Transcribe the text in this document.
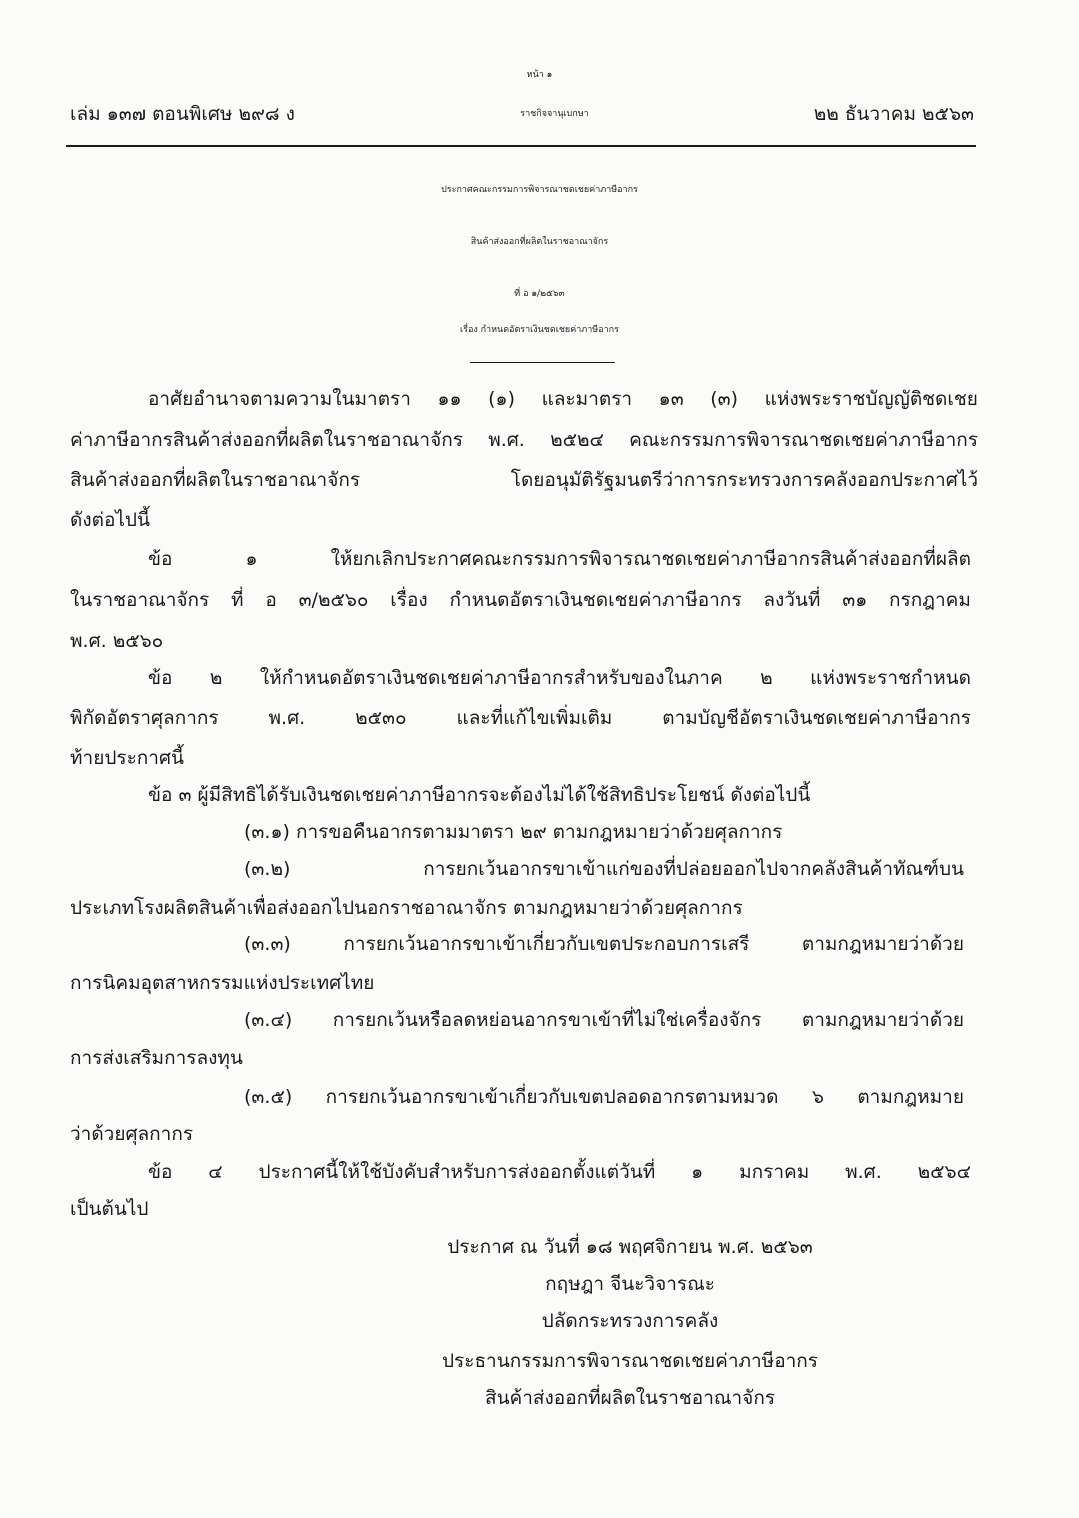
หน้า ๑
เล่ม ๑๓๗ ตอนพิเศษ ๒๙๘ ง	ราชกิจจานุเบกษา	๒๒ ธันวาคม ๒๕๖๓
ประกาศคณะกรรมการพิจารณาชดเชยค่าภาษีอากร
สินค้าส่งออกที่ผลิตในราชอาณาจักร
ที่ อ ๑/๒๕๖๓
เรื่อง กำหนดอัตราเงินชดเชยค่าภาษีอากร
อาศัยอำนาจตามความในมาตรา ๑๑ (๑) และมาตรา ๑๓ (๓) แห่งพระราชบัญญัติชดเชย
ค่าภาษีอากรสินค้าส่งออกที่ผลิตในราชอาณาจักร พ.ศ. ๒๕๒๔ คณะกรรมการพิจารณาชดเชยค่าภาษีอากร
สินค้าส่งออกที่ผลิตในราชอาณาจักร	โดยอนุมัติรัฐมนตรีว่าการกระทรวงการคลังออกประกาศไว้
ดังต่อไปนี้
ข้อ	๑	ให้ยกเลิกประกาศคณะกรรมการพิจารณาชดเชยค่าภาษีอากรสินค้าส่งออกที่ผลิต
ในราชอาณาจักร ที่ อ ๓/๒๕๖๐ เรื่อง กำหนดอัตราเงินชดเชยค่าภาษีอากร ลงวันที่ ๓๑ กรกฎาคม
พ.ศ. ๒๕๖๐
ข้อ ๒ ให้กำหนดอัตราเงินชดเชยค่าภาษีอากรสำหรับของในภาค ๒ แห่งพระราชกำหนด
พิกัดอัตราศุลกากร	พ.ศ.	๒๕๓๐	และที่แก้ไขเพิ่มเติม	ตามบัญชีอัตราเงินชดเชยค่าภาษีอากร
ท้ายประกาศนี้
ข้อ ๓ ผู้มีสิทธิได้รับเงินชดเชยค่าภาษีอากรจะต้องไม่ได้ใช้สิทธิประโยชน์ ดังต่อไปนี้
(๓.๑) การขอคืนอากรตามมาตรา ๒๙ ตามกฎหมายว่าด้วยศุลกากร
(๓.๒)	การยกเว้นอากรขาเข้าแก่ของที่ปล่อยออกไปจากคลังสินค้าทัณฑ์บน
ประเภทโรงผลิตสินค้าเพื่อส่งออกไปนอกราชอาณาจักร ตามกฎหมายว่าด้วยศุลกากร
(๓.๓)	การยกเว้นอากรขาเข้าเกี่ยวกับเขตประกอบการเสรี	ตามกฎหมายว่าด้วย
การนิคมอุตสาหกรรมแห่งประเทศไทย
(๓.๔) การยกเว้นหรือลดหย่อนอากรขาเข้าที่ไม่ใช่เครื่องจักร ตามกฎหมายว่าด้วย
การส่งเสริมการลงทุน
(๓.๕) การยกเว้นอากรขาเข้าเกี่ยวกับเขตปลอดอากรตามหมวด ๖ ตามกฎหมาย
ว่าด้วยศุลกากร
ข้อ ๔ ประกาศนี้ให้ใช้บังคับสำหรับการส่งออกตั้งแต่วันที่ ๑ มกราคม พ.ศ. ๒๕๖๔
เป็นต้นไป
ประกาศ ณ วันที่ ๑๘ พฤศจิกายน พ.ศ. ๒๕๖๓
กฤษฎา จีนะวิจารณะ
ปลัดกระทรวงการคลัง
ประธานกรรมการพิจารณาชดเชยค่าภาษีอากร
สินค้าส่งออกที่ผลิตในราชอาณาจักร
